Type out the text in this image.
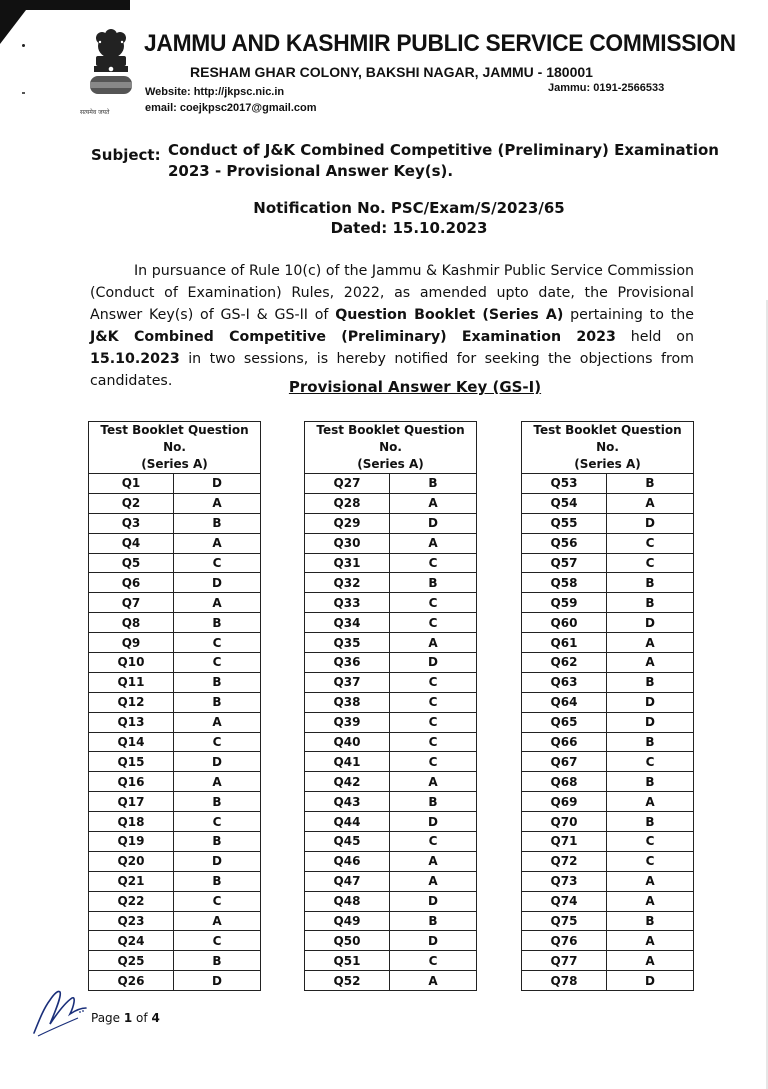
सत्यमेव जयते
JAMMU AND KASHMIR PUBLIC SERVICE COMMISSION
RESHAM GHAR COLONY, BAKSHI NAGAR, JAMMU - 180001
Website: http://jkpsc.nic.in
email: coejkpsc2017@gmail.com
Jammu: 0191-2566533
Subject: Conduct of J&K Combined Competitive (Preliminary) Examination
2023 - Provisional Answer Key(s).
Notification No. PSC/Exam/S/2023/65
Dated: 15.10.2023
In pursuance of Rule 10(c) of the Jammu & Kashmir Public Service Commission (Conduct of Examination) Rules, 2022, as amended upto date, the Provisional Answer Key(s) of GS-I & GS-II of Question Booklet (Series A) pertaining to the J&K Combined Competitive (Preliminary) Examination 2023 held on 15.10.2023 in two sessions, is hereby notified for seeking the objections from candidates.	Provisional Answer Key (GS-I)
Test Booklet Question No.
(Series A)	

Q1	D
Q2	A
Q3	B
Q4	A
Q5	C
Q6	D
Q7	A
Q8	B
Q9	C
Q10	C
Q11	B
Q12	B
Q13	A
Q14	C
Q15	D
Q16	A
Q17	B
Q18	C
Q19	B
Q20	D
Q21	B
Q22	C
Q23	A
Q24	C
Q25	B
Q26	D
Test Booklet Question No.
(Series A)	

Q27	B
Q28	A
Q29	D
Q30	A
Q31	C
Q32	B
Q33	C
Q34	C
Q35	A
Q36	D
Q37	C
Q38	C
Q39	C
Q40	C
Q41	C
Q42	A
Q43	B
Q44	D
Q45	C
Q46	A
Q47	A
Q48	D
Q49	B
Q50	D
Q51	C
Q52	A
Test Booklet Question No.
(Series A)	

Q53	B
Q54	A
Q55	D
Q56	C
Q57	C
Q58	B
Q59	B
Q60	D
Q61	A
Q62	A
Q63	B
Q64	D
Q65	D
Q66	B
Q67	C
Q68	B
Q69	A
Q70	B
Q71	C
Q72	C
Q73	A
Q74	A
Q75	B
Q76	A
Q77	A
Q78	D
Page 1 of 4
